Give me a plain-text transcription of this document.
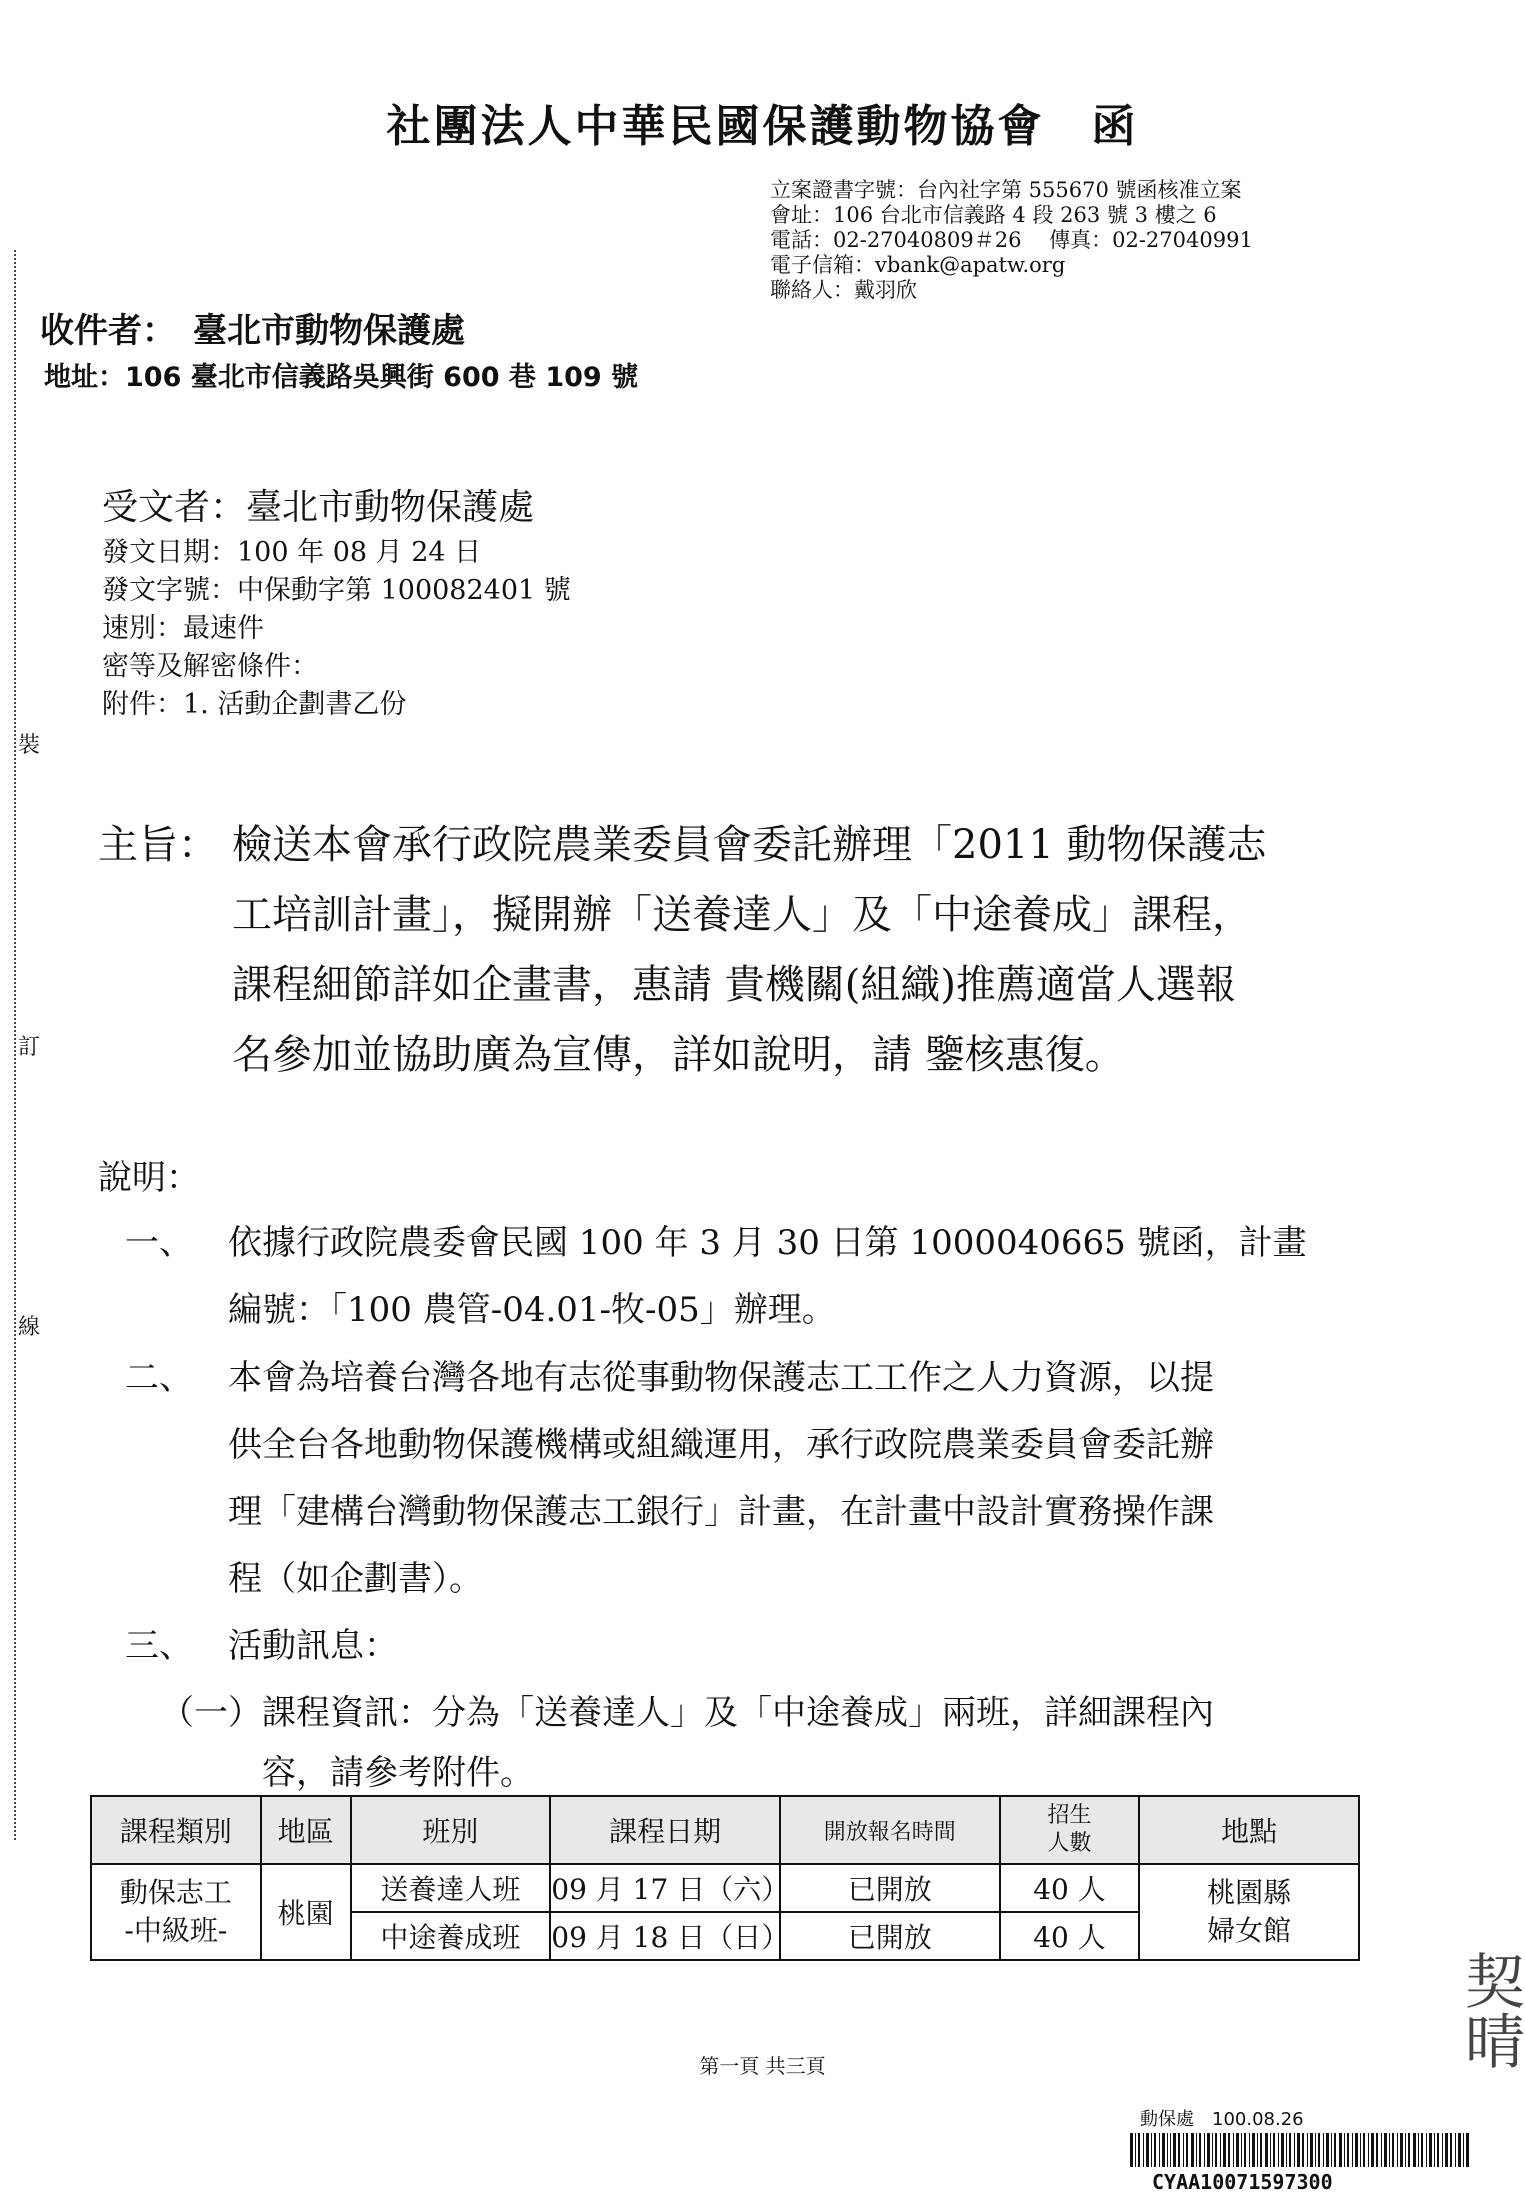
社團法人中華民國保護動物協會　函
立案證書字號：台內社字第 555670 號函核准立案
會址：106 台北市信義路 4 段 263 號 3 樓之 6
電話：02-27040809＃26　 傳真：02-27040991
電子信箱：vbank@apatw.org
聯絡人：戴羽欣
收件者：　臺北市動物保護處
地址：106 臺北市信義路吳興街 600 巷 109 號
裝
訂
線
受文者：臺北市動物保護處
發文日期：100 年 08 月 24 日
發文字號：中保動字第 100082401 號
速別：最速件
密等及解密條件：
附件：1. 活動企劃書乙份
主旨： 檢送本會承行政院農業委員會委託辦理「2011 動物保護志
工培訓計畫」，擬開辦「送養達人」及「中途養成」課程，
課程細節詳如企畫書，惠請 貴機關(組織)推薦適當人選報
名參加並協助廣為宣傳，詳如說明，請 鑒核惠復。
說明：
一、 依據行政院農委會民國 100 年 3 月 30 日第 1000040665 號函，計畫
編號：「100 農管-04.01-牧-05」辦理。
二、 本會為培養台灣各地有志從事動物保護志工工作之人力資源，以提
供全台各地動物保護機構或組織運用，承行政院農業委員會委託辦
理「建構台灣動物保護志工銀行」計畫，在計畫中設計實務操作課
程（如企劃書）。
三、 活動訊息：
（一） 課程資訊：分為「送養達人」及「中途養成」兩班，詳細課程內
容，請參考附件。
課程類別	地區	班別	課程日期	開放報名時間	招生
人數	地點
動保志工
-中級班-	桃園	送養達人班	09 月 17 日（六）	已開放	40 人	桃園縣
婦女館
		中途養成班	09 月 18 日（日）	已開放	40 人	
契晴
第一頁 共三頁
動保處　100.08.26
CYAA10071597300
